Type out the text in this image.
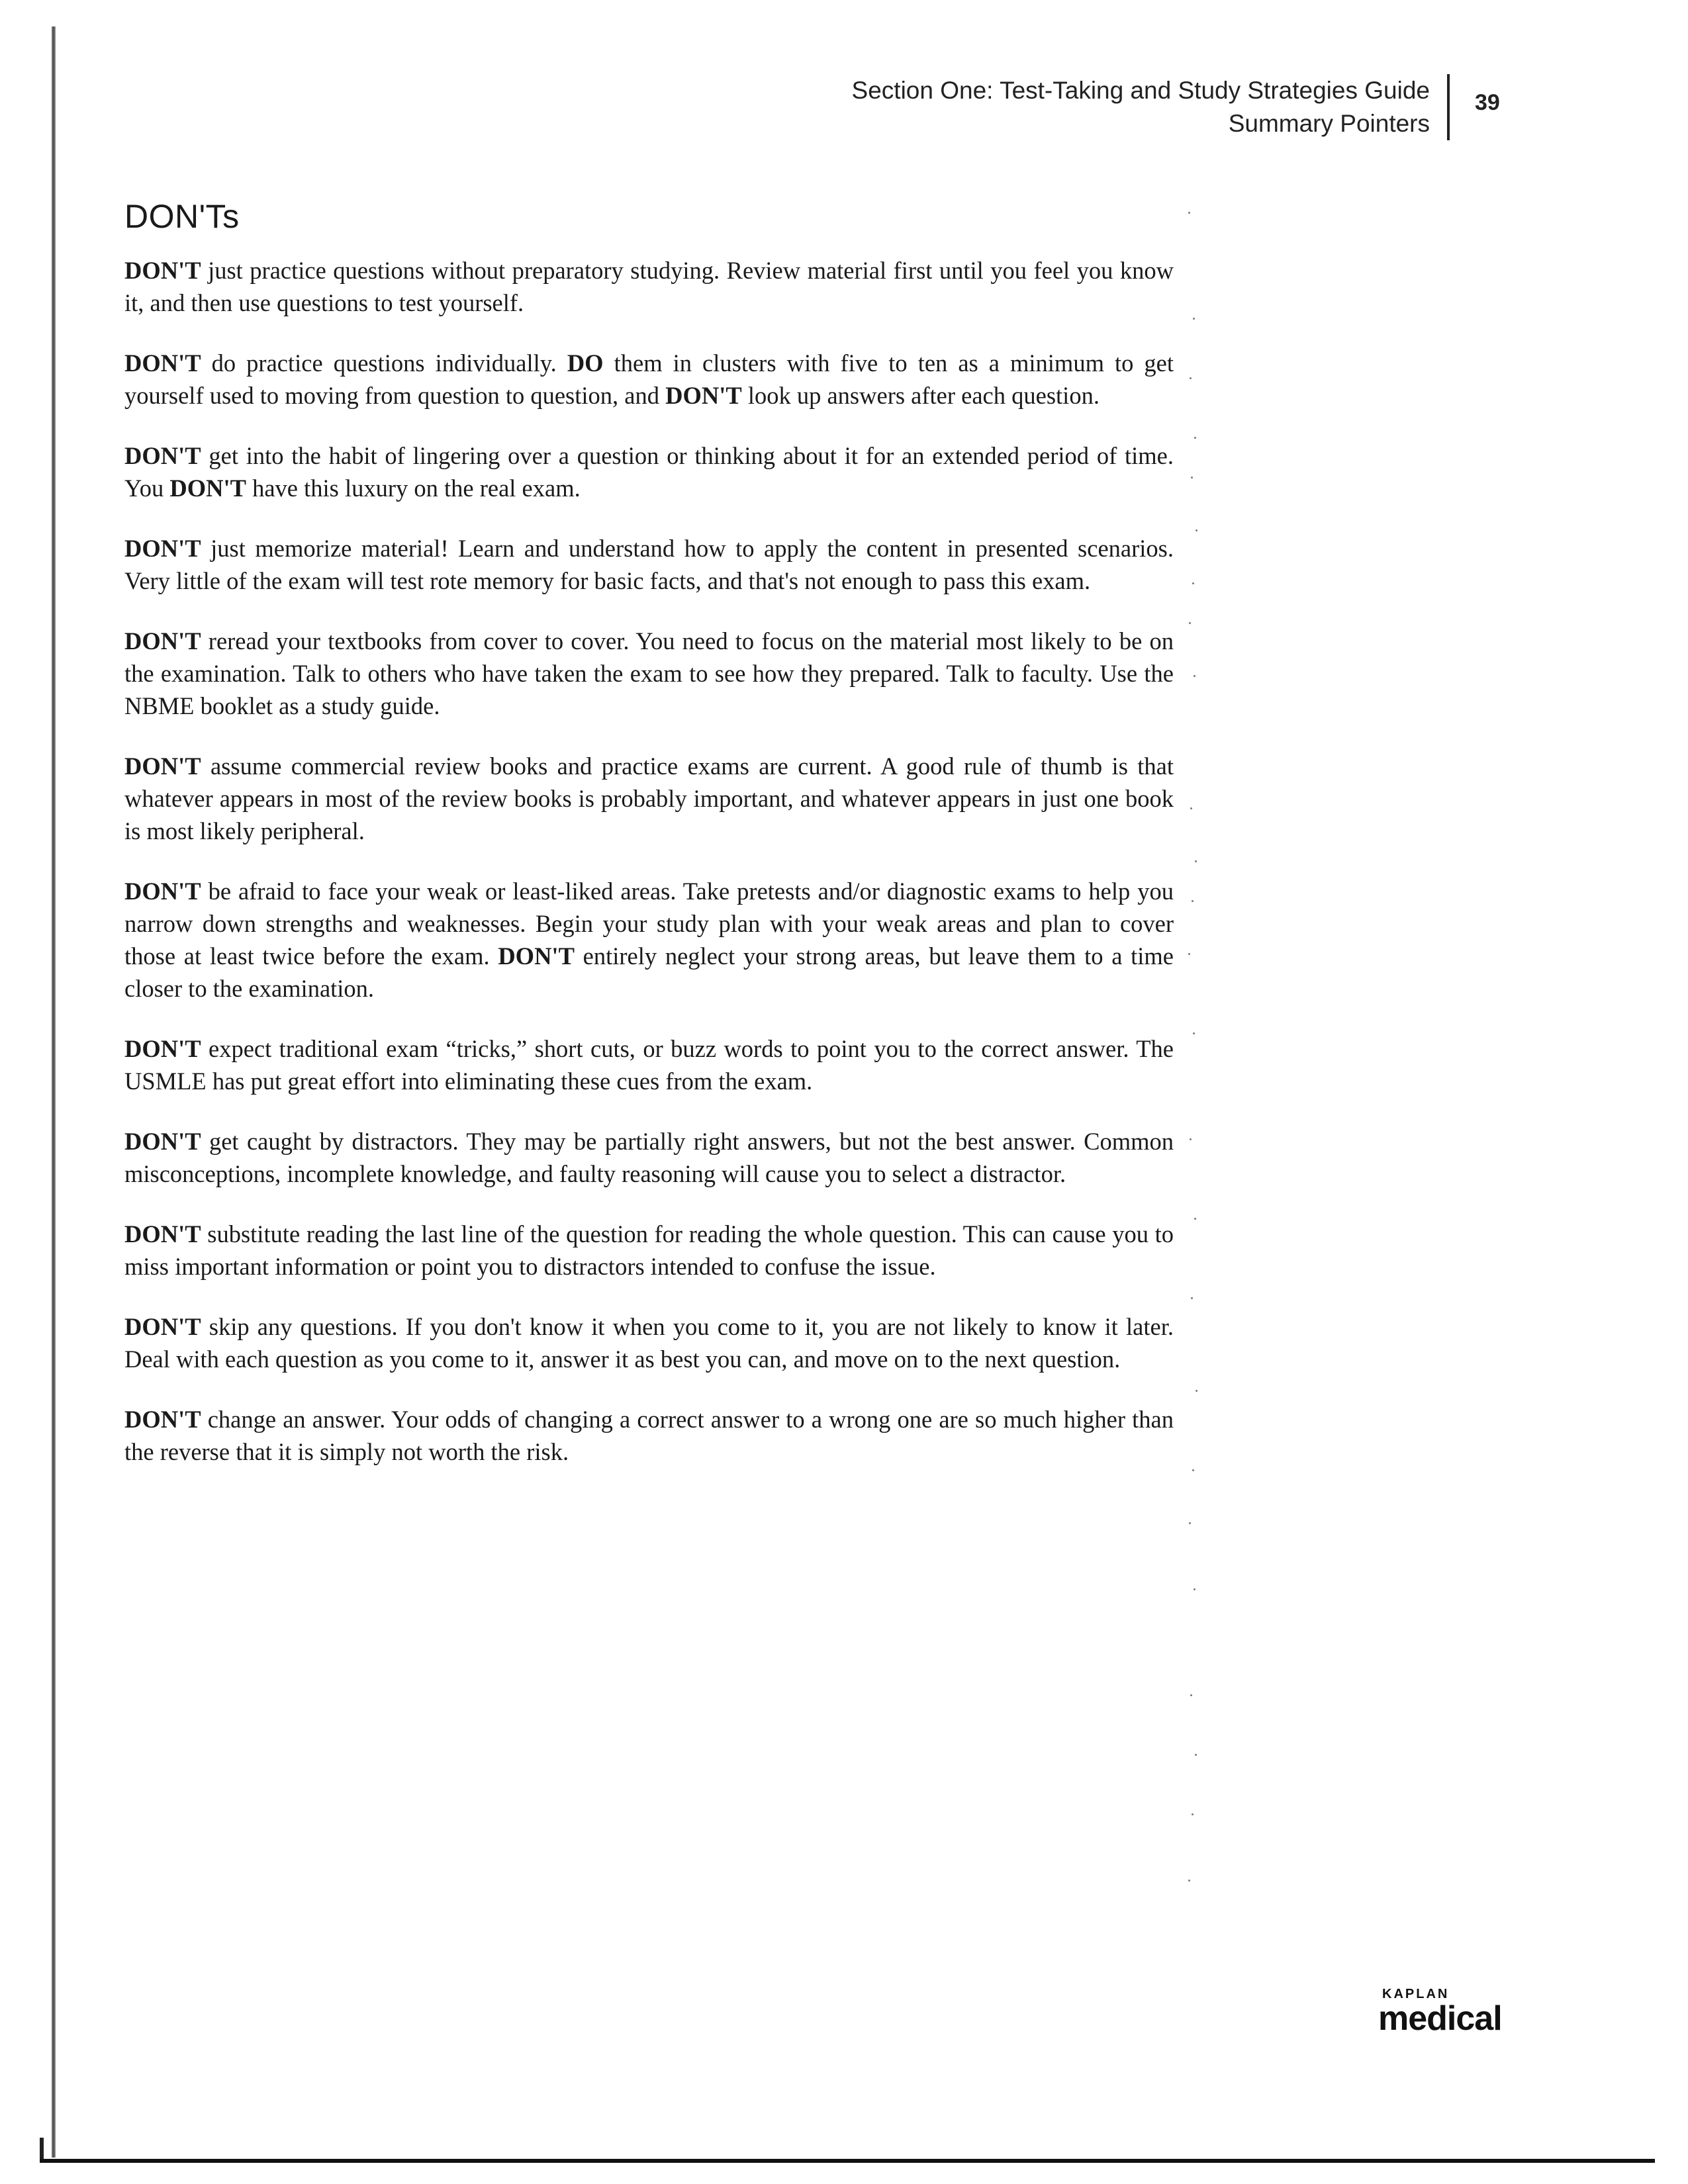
Section One: Test-Taking and Study Strategies Guide
Summary Pointers
39
DON'Ts

DON'T just practice questions without preparatory studying. Review material first until you feel you know it, and then use questions to test yourself.

DON'T do practice questions individually. DO them in clusters with five to ten as a minimum to get yourself used to moving from question to question, and DON'T look up answers after each question.

DON'T get into the habit of lingering over a question or thinking about it for an extended period of time. You DON'T have this luxury on the real exam.

DON'T just memorize material! Learn and understand how to apply the content in presented scenarios. Very little of the exam will test rote memory for basic facts, and that's not enough to pass this exam.

DON'T reread your textbooks from cover to cover. You need to focus on the material most likely to be on the examination. Talk to others who have taken the exam to see how they prepared. Talk to faculty. Use the NBME booklet as a study guide.

DON'T assume commercial review books and practice exams are current. A good rule of thumb is that whatever appears in most of the review books is probably important, and whatever appears in just one book is most likely peripheral.

DON'T be afraid to face your weak or least-liked areas. Take pretests and/or diagnostic exams to help you narrow down strengths and weaknesses. Begin your study plan with your weak areas and plan to cover those at least twice before the exam. DON'T entirely neglect your strong areas, but leave them to a time closer to the examination.

DON'T expect traditional exam “tricks,” short cuts, or buzz words to point you to the correct answer. The USMLE has put great effort into eliminating these cues from the exam.

DON'T get caught by distractors. They may be partially right answers, but not the best answer. Common misconceptions, incomplete knowledge, and faulty reasoning will cause you to select a distractor.

DON'T substitute reading the last line of the question for reading the whole question. This can cause you to miss important information or point you to distractors intended to confuse the issue.

DON'T skip any questions. If you don't know it when you come to it, you are not likely to know it later. Deal with each question as you come to it, answer it as best you can, and move on to the next question.

DON'T change an answer. Your odds of changing a correct answer to a wrong one are so much higher than the reverse that it is simply not worth the risk.

KAPLAN
medical
